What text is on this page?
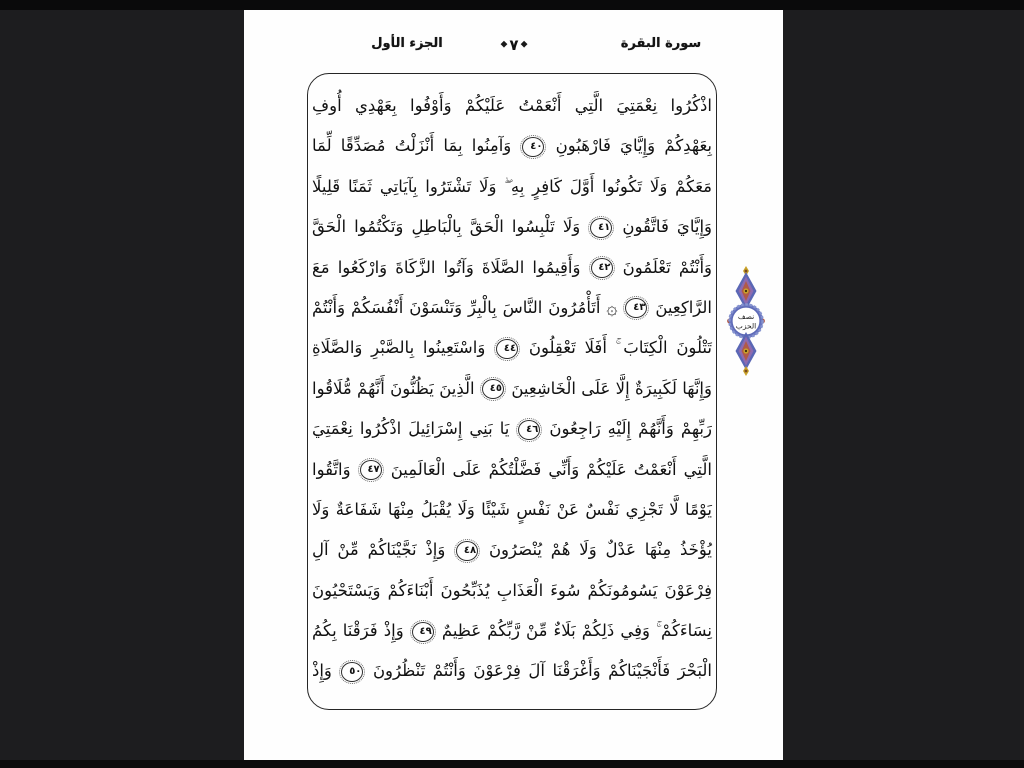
الجزء الأول	◆٧◆	سورة البقرة
اذْكُرُوا نِعْمَتِيَ الَّتِي أَنْعَمْتُ عَلَيْكُمْ وَأَوْفُوا بِعَهْدِي أُوفِ
بِعَهْدِكُمْ وَإِيَّايَ فَارْهَبُونِ ٤٠ وَآمِنُوا بِمَا أَنْزَلْتُ مُصَدِّقًا لِّمَا
مَعَكُمْ وَلَا تَكُونُوا أَوَّلَ كَافِرٍ بِهِ ۖ وَلَا تَشْتَرُوا بِآيَاتِي ثَمَنًا قَلِيلًا
وَإِيَّايَ فَاتَّقُونِ ٤١ وَلَا تَلْبِسُوا الْحَقَّ بِالْبَاطِلِ وَتَكْتُمُوا الْحَقَّ
وَأَنْتُمْ تَعْلَمُونَ ٤٢ وَأَقِيمُوا الصَّلَاةَ وَآتُوا الزَّكَاةَ وَارْكَعُوا مَعَ
الرَّاكِعِينَ ٤٣ ۞ أَتَأْمُرُونَ النَّاسَ بِالْبِرِّ وَتَنْسَوْنَ أَنْفُسَكُمْ وَأَنْتُمْ
تَتْلُونَ الْكِتَابَ ۚ أَفَلَا تَعْقِلُونَ ٤٤ وَاسْتَعِينُوا بِالصَّبْرِ وَالصَّلَاةِ
وَإِنَّهَا لَكَبِيرَةٌ إِلَّا عَلَى الْخَاشِعِينَ ٤٥ الَّذِينَ يَظُنُّونَ أَنَّهُمْ مُّلَاقُوا
رَبِّهِمْ وَأَنَّهُمْ إِلَيْهِ رَاجِعُونَ ٤٦ يَا بَنِي إِسْرَائِيلَ اذْكُرُوا نِعْمَتِيَ
الَّتِي أَنْعَمْتُ عَلَيْكُمْ وَأَنِّي فَضَّلْتُكُمْ عَلَى الْعَالَمِينَ ٤٧ وَاتَّقُوا
يَوْمًا لَّا تَجْزِي نَفْسٌ عَنْ نَفْسٍ شَيْئًا وَلَا يُقْبَلُ مِنْهَا شَفَاعَةٌ وَلَا
يُؤْخَذُ مِنْهَا عَدْلٌ وَلَا هُمْ يُنْصَرُونَ ٤٨ وَإِذْ نَجَّيْنَاكُمْ مِّنْ آلِ
فِرْعَوْنَ يَسُومُونَكُمْ سُوءَ الْعَذَابِ يُذَبِّحُونَ أَبْنَاءَكُمْ وَيَسْتَحْيُونَ
نِسَاءَكُمْ ۚ وَفِي ذَلِكُمْ بَلَاءٌ مِّنْ رَّبِّكُمْ عَظِيمٌ ٤٩ وَإِذْ فَرَقْنَا بِكُمُ
الْبَحْرَ فَأَنْجَيْنَاكُمْ وَأَغْرَقْنَا آلَ فِرْعَوْنَ وَأَنْتُمْ تَنْظُرُونَ ٥٠ وَإِذْ
نصف
الحزب
